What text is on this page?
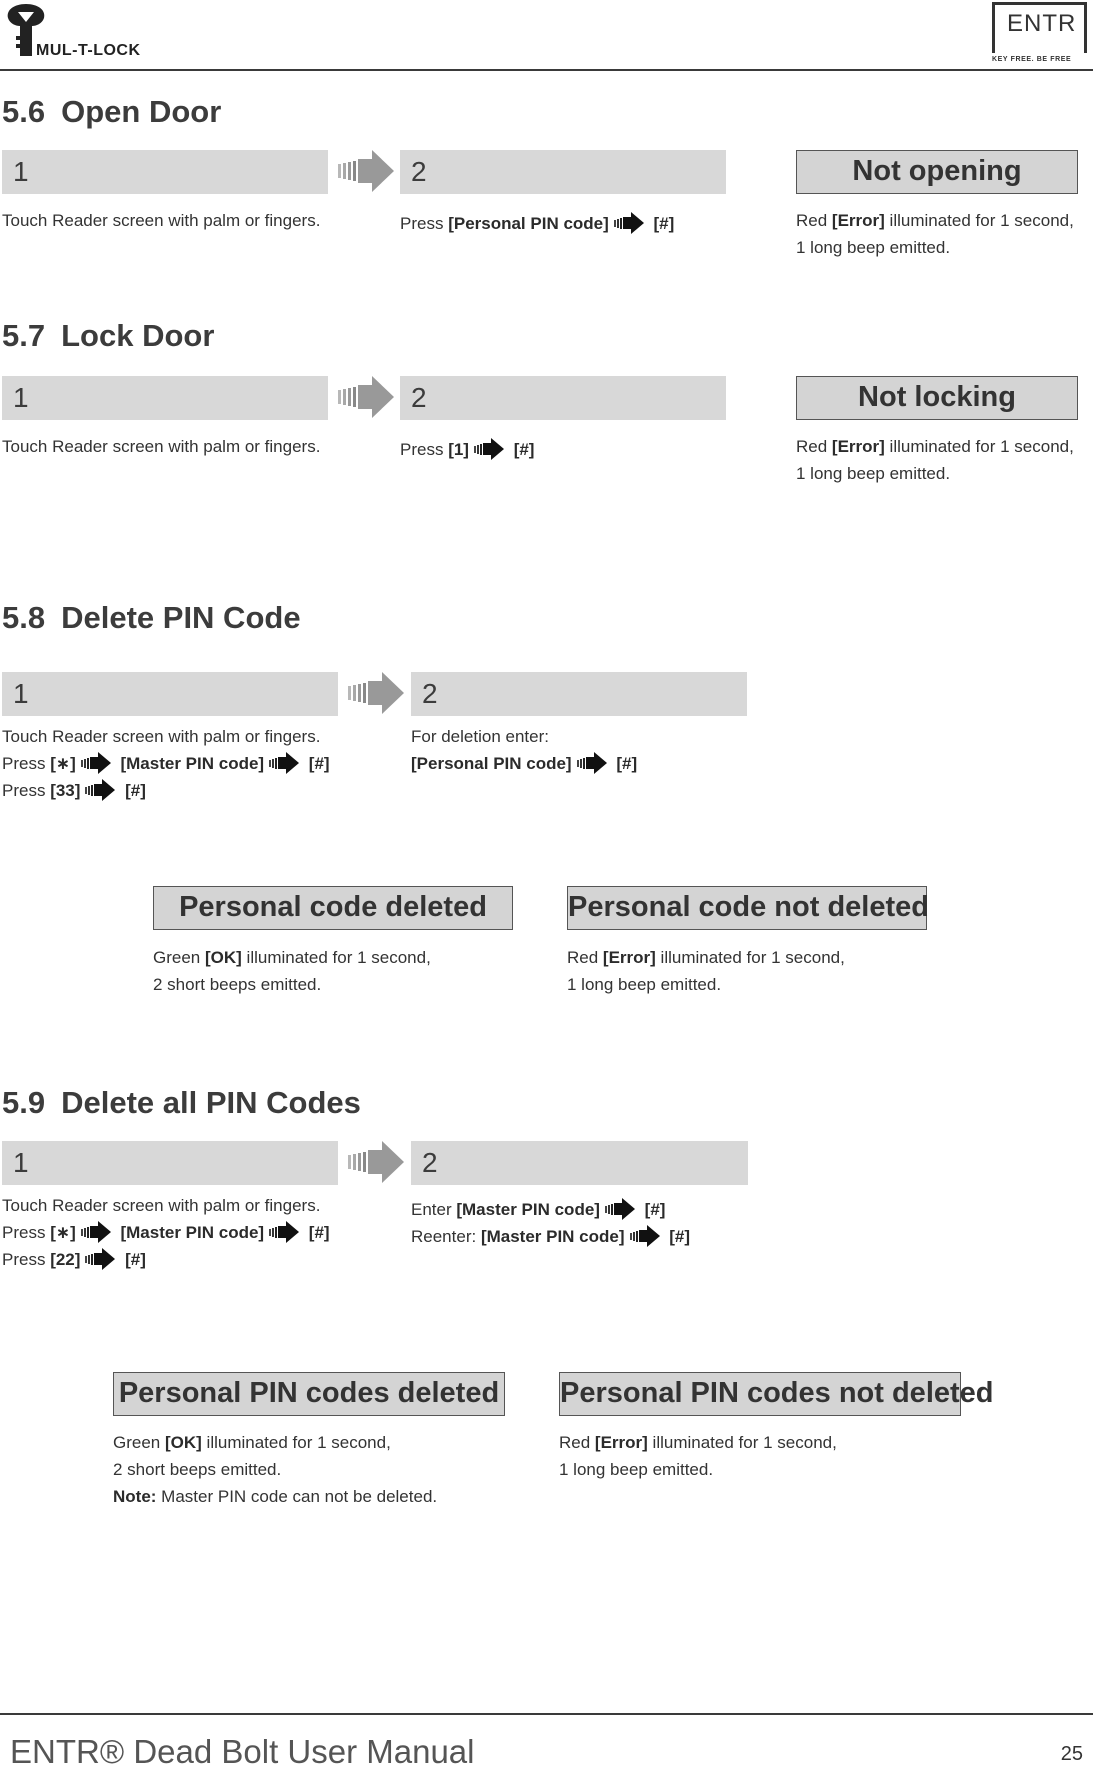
MUL-T-LOCK
ENTR
KEY FREE. BE FREE
5.6 Open Door
1	2	Not opening
Touch Reader screen with palm or fingers.	Press [Personal PIN code] [#]	Red [Error] illuminated for 1 second,
1 long beep emitted.
5.7 Lock Door
1	2	Not locking
Touch Reader screen with palm or fingers.	Press [1] [#]	Red [Error] illuminated for 1 second,
1 long beep emitted.
5.8 Delete PIN Code
1	2
Touch Reader screen with palm or fingers.
Press [∗] [Master PIN code] [#]
Press [33] [#]
For deletion enter:
[Personal PIN code] [#]
Personal code deleted	Personal code not deleted
Green [OK] illuminated for 1 second,
2 short beeps emitted.
Red [Error] illuminated for 1 second,
1 long beep emitted.
5.9 Delete all PIN Codes
1	2
Touch Reader screen with palm or fingers.
Press [∗] [Master PIN code] [#]
Press [22] [#]
Enter [Master PIN code] [#]
Reenter: [Master PIN code] [#]
Personal PIN codes deleted Personal PIN codes not deleted
Green [OK] illuminated for 1 second,
2 short beeps emitted.
Note: Master PIN code can not be deleted.
Red [Error] illuminated for 1 second,
1 long beep emitted.
ENTR® Dead Bolt User Manual	25
